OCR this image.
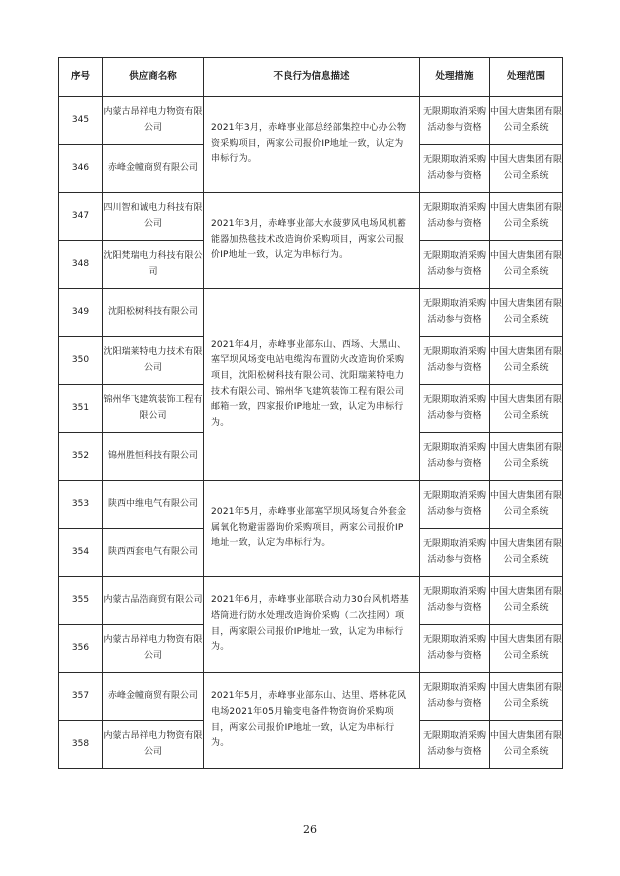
序号	供应商名称	不良行为信息描述	处理措施	处理范围
345	内蒙古昂祥电力物资有限公司	2021年3月，赤峰事业部总经部集控中心办公物资采购项目，两家公司报价IP地址一致，认定为串标行为。	无限期取消采购活动参与资格	中国大唐集团有限公司全系统
346	赤峰金幢商贸有限公司		无限期取消采购活动参与资格	中国大唐集团有限公司全系统
347	四川智和诚电力科技有限公司	2021年3月，赤峰事业部大水菠萝风电场风机蓄能器加热毯技术改造询价采购项目，两家公司报价IP地址一致，认定为串标行为。	无限期取消采购活动参与资格	中国大唐集团有限公司全系统
348	沈阳梵瑞电力科技有限公司		无限期取消采购活动参与资格	中国大唐集团有限公司全系统
349	沈阳松树科技有限公司	2021年4月，赤峰事业部东山、西场、大黑山、塞罕坝风场变电站电缆沟布置防火改造询价采购项目，沈阳松树科技有限公司、沈阳瑞莱特电力技术有限公司、锦州华飞建筑装饰工程有限公司邮箱一致，四家报价IP地址一致，认定为串标行为。	无限期取消采购活动参与资格	中国大唐集团有限公司全系统
350	沈阳瑞莱特电力技术有限公司		无限期取消采购活动参与资格	中国大唐集团有限公司全系统
351	锦州华飞建筑装饰工程有限公司		无限期取消采购活动参与资格	中国大唐集团有限公司全系统
352	锦州胜恒科技有限公司		无限期取消采购活动参与资格	中国大唐集团有限公司全系统
353	陕西中维电气有限公司	2021年5月，赤峰事业部塞罕坝风场复合外套金属氧化物避雷器询价采购项目，两家公司报价IP地址一致，认定为串标行为。	无限期取消采购活动参与资格	中国大唐集团有限公司全系统
354	陕西西套电气有限公司		无限期取消采购活动参与资格	中国大唐集团有限公司全系统
355	内蒙古品浩商贸有限公司	2021年6月，赤峰事业部联合动力30台风机塔基塔筒进行防水处理改造询价采购（二次挂网）项目，两家限公司报价IP地址一致，认定为串标行为。	无限期取消采购活动参与资格	中国大唐集团有限公司全系统
356	内蒙古昂祥电力物资有限公司		无限期取消采购活动参与资格	中国大唐集团有限公司全系统
357	赤峰金幢商贸有限公司	2021年5月，赤峰事业部东山、达里、塔林花风电场2021年05月输变电备件物资询价采购项目，两家公司报价IP地址一致，认定为串标行为。	无限期取消采购活动参与资格	中国大唐集团有限公司全系统
358	内蒙古昂祥电力物资有限公司		无限期取消采购活动参与资格	中国大唐集团有限公司全系统
26
